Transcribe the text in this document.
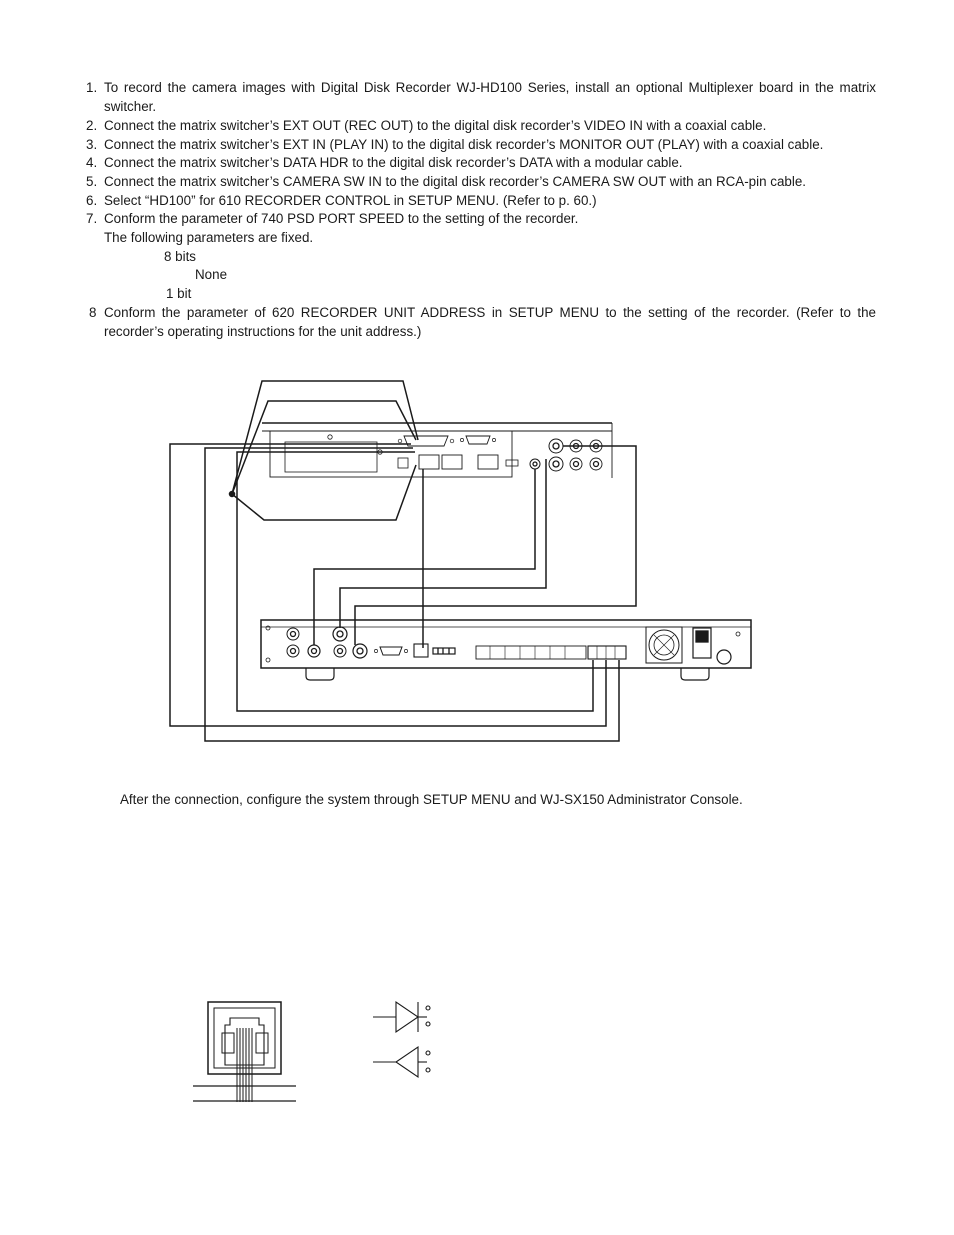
1. To record the camera images with Digital Disk Recorder WJ-HD100 Series, install an optional Multiplexer board in the matrix switcher.
2. Connect the matrix switcher’s EXT OUT (REC OUT) to the digital disk recorder’s VIDEO IN with a coaxial cable.
3. Connect the matrix switcher’s EXT IN (PLAY IN) to the digital disk recorder’s MONITOR OUT (PLAY) with a coaxial cable.
4. Connect the matrix switcher’s DATA HDR to the digital disk recorder’s DATA with a modular cable.
5. Connect the matrix switcher’s CAMERA SW IN to the digital disk recorder’s CAMERA SW OUT with an RCA-pin cable.
6. Select “HD100” for 610 RECORDER CONTROL in SETUP MENU. (Refer to p. 60.)
7. Conform the parameter of 740 PSD PORT SPEED to the setting of the recorder.
The following parameters are fixed.
8 bits
None
1 bit
8 Conform the parameter of 620 RECORDER UNIT ADDRESS in SETUP MENU to the setting of the recorder. (Refer to the recorder’s operating instructions for the unit address.)
After the connection, configure the system through SETUP MENU and WJ-SX150 Administrator Console.
